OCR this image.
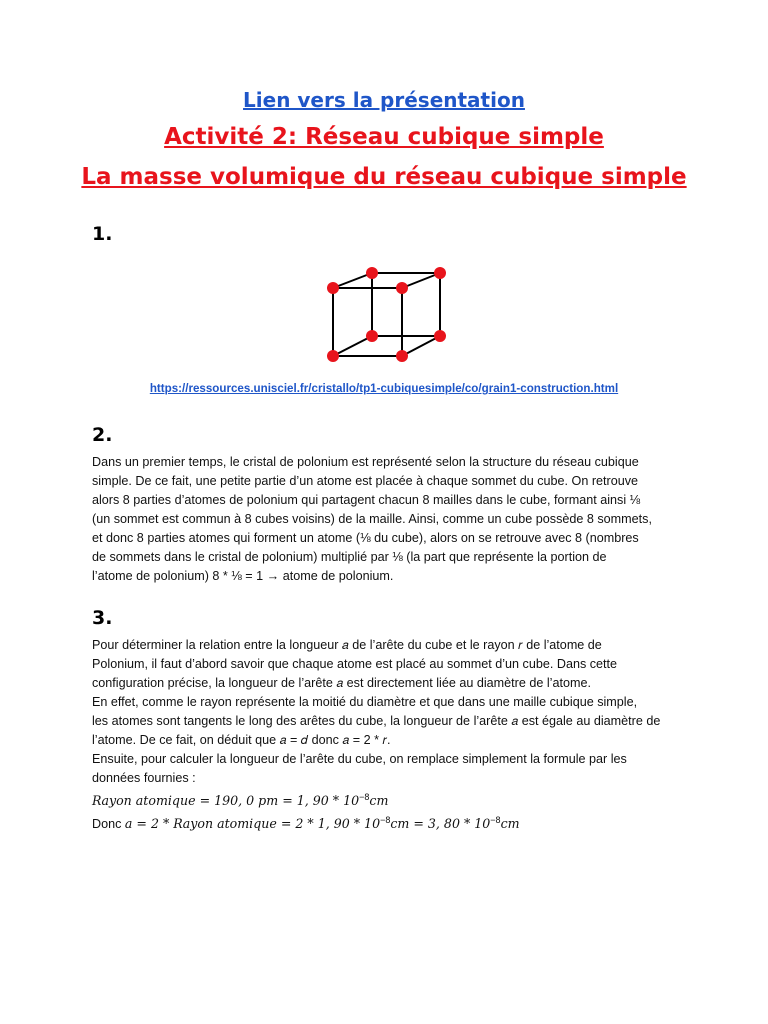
Lien vers la présentation
Activité 2: Réseau cubique simple
La masse volumique du réseau cubique simple
1.
https://ressources.unisciel.fr/cristallo/tp1-cubiquesimple/co/grain1-construction.html
2.
Dans un premier temps, le cristal de polonium est représenté selon la structure du réseau cubique
simple. De ce fait, une petite partie d’un atome est placée à chaque sommet du cube. On retrouve
alors 8 parties d’atomes de polonium qui partagent chacun 8 mailles dans le cube, formant ainsi ⅛
(un sommet est commun à 8 cubes voisins) de la maille. Ainsi, comme un cube possède 8 sommets,
et donc 8 parties atomes qui forment un atome (⅛ du cube), alors on se retrouve avec 8 (nombres
de sommets dans le cristal de polonium) multiplié par ⅛ (la part que représente la portion de
l’atome de polonium) 8 * ⅛ = 1 → atome de polonium.
3.
Pour déterminer la relation entre la longueur 𝑎 de l’arête du cube et le rayon 𝑟 de l’atome de
Polonium, il faut d’abord savoir que chaque atome est placé au sommet d’un cube. Dans cette
configuration précise, la longueur de l’arête 𝑎 est directement liée au diamètre de l’atome.
En effet, comme le rayon représente la moitié du diamètre et que dans une maille cubique simple,
les atomes sont tangents le long des arêtes du cube, la longueur de l’arête 𝑎 est égale au diamètre de
l’atome. De ce fait, on déduit que 𝑎 = 𝑑 donc 𝑎 = 2 * 𝑟.
Ensuite, pour calculer la longueur de l’arête du cube, on remplace simplement la formule par les
données fournies :
𝑅𝑎𝑦𝑜𝑛 𝑎𝑡𝑜𝑚𝑖𝑞𝑢𝑒 = 190, 0 𝑝𝑚 = 1, $90 * 10^{-8}𝑐𝑚$
Donc 𝑎 = 2 * 𝑅𝑎𝑦𝑜𝑛 𝑎𝑡𝑜𝑚𝑖𝑞𝑢𝑒 = 2 * 1, $90 * 10^{-8}𝑐𝑚 = 3$, $80 * 10^{-8}𝑐𝑚$
